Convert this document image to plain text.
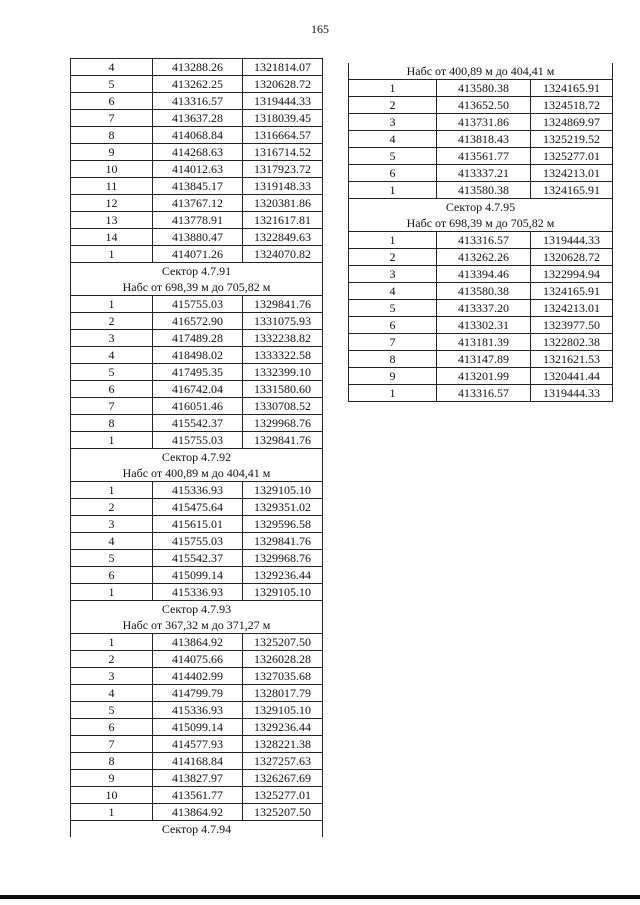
165
4	413288.26	1321814.07
5	413262.25	1320628.72
6	413316.57	1319444.33
7	413637.28	1318039.45
8	414068.84	1316664.57
9	414268.63	1316714.52
10	414012.63	1317923.72
11	413845.17	1319148.33
12	413767.12	1320381.86
13	413778.91	1321617.81
14	413880.47	1322849.63
1	414071.26	1324070.82
Сектор 4.7.91		
Набс от 698,39 м до 705,82 м		
1	415755.03	1329841.76
2	416572.90	1331075.93
3	417489.28	1332238.82
4	418498.02	1333322.58
5	417495.35	1332399.10
6	416742.04	1331580.60
7	416051.46	1330708.52
8	415542.37	1329968.76
1	415755.03	1329841.76
Сектор 4.7.92		
Набс от 400,89 м до 404,41 м		
1	415336.93	1329105.10
2	415475.64	1329351.02
3	415615.01	1329596.58
4	415755.03	1329841.76
5	415542.37	1329968.76
6	415099.14	1329236.44
1	415336.93	1329105.10
Сектор 4.7.93		
Набс от 367,32 м до 371,27 м		
1	413864.92	1325207.50
2	414075.66	1326028.28
3	414402.99	1327035.68
4	414799.79	1328017.79
5	415336.93	1329105.10
6	415099.14	1329236.44
7	414577.93	1328221.38
8	414168.84	1327257.63
9	413827.97	1326267.69
10	413561.77	1325277.01
1	413864.92	1325207.50
Сектор 4.7.94		
Набс от 400,89 м до 404,41 м		
1	413580.38	1324165.91
2	413652.50	1324518.72
3	413731.86	1324869.97
4	413818.43	1325219.52
5	413561.77	1325277.01
6	413337.21	1324213.01
1	413580.38	1324165.91
Сектор 4.7.95		
Набс от 698,39 м до 705,82 м		
1	413316.57	1319444.33
2	413262.26	1320628.72
3	413394.46	1322994.94
4	413580.38	1324165.91
5	413337.20	1324213.01
6	413302.31	1323977.50
7	413181.39	1322802.38
8	413147.89	1321621.53
9	413201.99	1320441.44
1	413316.57	1319444.33
